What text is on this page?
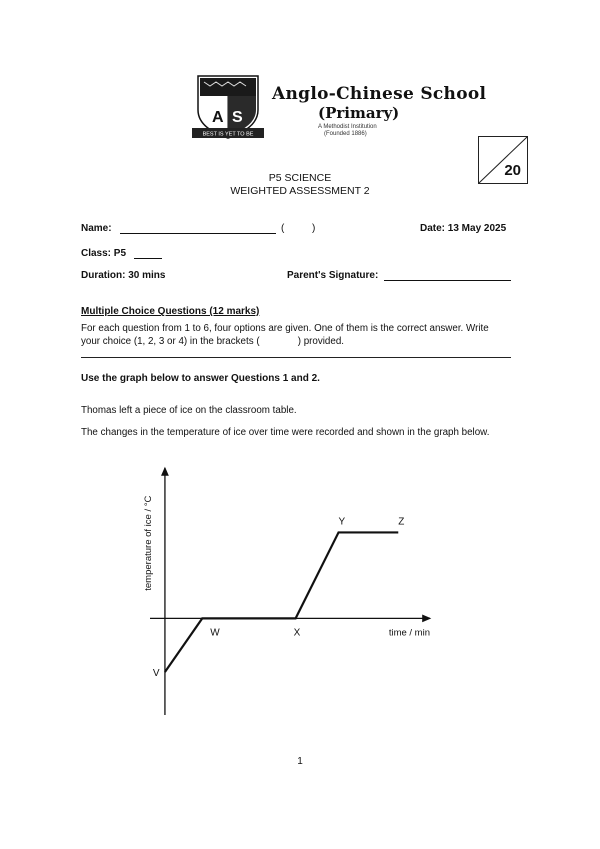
A S
BEST IS YET TO BE
Anglo-Chinese School
(Primary)
A Methodist Institution
(Founded 1886)
20
P5 SCIENCE
WEIGHTED ASSESSMENT 2
Name:	(	)	Date: 13 May 2025
Class: P5
Duration: 30 mins	Parent's Signature:
Multiple Choice Questions (12 marks)
For each question from 1 to 6, four options are given. One of them is the correct answer. Write
your choice (1, 2, 3 or 4) in the brackets (              ) provided.
Use the graph below to answer Questions 1 and 2.
Thomas left a piece of ice on the classroom table.
The changes in the temperature of ice over time were recorded and shown in the graph below.
temperature of ice / °C
time / min
V
W	X
Y	Z
1
